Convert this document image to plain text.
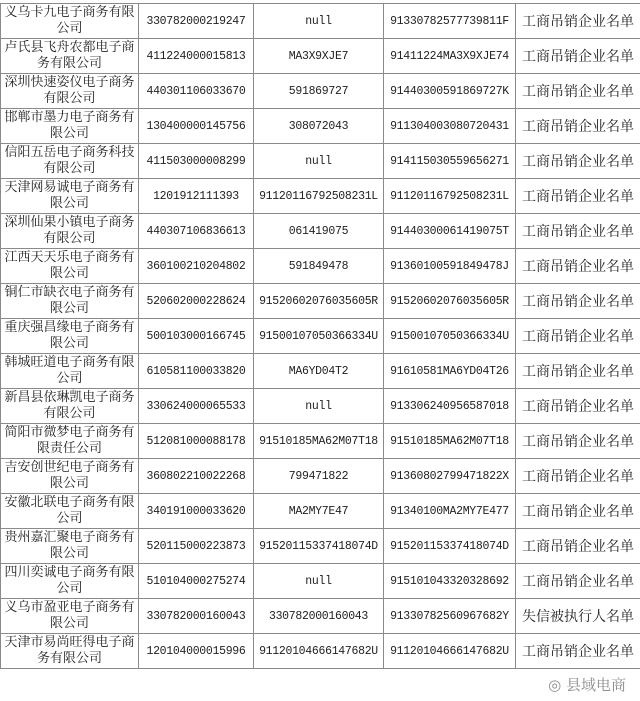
义乌卡九电子商务有限公司	330782000219247	null	91330782577739811F	工商吊销企业名单
卢氏县飞舟农都电子商务有限公司	411224000015813	MA3X9XJE7	91411224MA3X9XJE74	工商吊销企业名单
深圳快速姿仪电子商务有限公司	440301106033670	591869727	91440300591869727K	工商吊销企业名单
邯郸市墨力电子商务有限公司	130400000145756	308072043	911304003080720431	工商吊销企业名单
信阳五岳电子商务科技有限公司	411503000008299	null	914115030559656271	工商吊销企业名单
天津网易诚电子商务有限公司	1201912111393	91120116792508231L	91120116792508231L	工商吊销企业名单
深圳仙果小镇电子商务有限公司	440307106836613	061419075	91440300061419075T	工商吊销企业名单
江西天天乐电子商务有限公司	360100210204802	591849478	91360100591849478J	工商吊销企业名单
铜仁市缺衣电子商务有限公司	520602000228624	91520602076035605R	91520602076035605R	工商吊销企业名单
重庆强昌缘电子商务有限公司	500103000166745	91500107050366334U	91500107050366334U	工商吊销企业名单
韩城旺道电子商务有限公司	610581100033820	MA6YD04T2	91610581MA6YD04T26	工商吊销企业名单
新昌县依琳凯电子商务有限公司	330624000065533	null	913306240956587018	工商吊销企业名单
简阳市微梦电子商务有限责任公司	512081000088178	91510185MA62M07T18	91510185MA62M07T18	工商吊销企业名单
吉安创世纪电子商务有限公司	360802210022268	799471822	91360802799471822X	工商吊销企业名单
安徽北联电子商务有限公司	340191000033620	MA2MY7E47	91340100MA2MY7E477	工商吊销企业名单
贵州嘉汇聚电子商务有限公司	520115000223873	91520115337418074D	91520115337418074D	工商吊销企业名单
四川奕诚电子商务有限公司	510104000275274	null	915101043320328692	工商吊销企业名单
义乌市盈亚电子商务有限公司	330782000160043	330782000160043	91330782560967682Y	失信被执行人名单
天津市易尚旺得电子商务有限公司	120104000015996	91120104666147682U	91120104666147682U	工商吊销企业名单
◎ 县域电商
